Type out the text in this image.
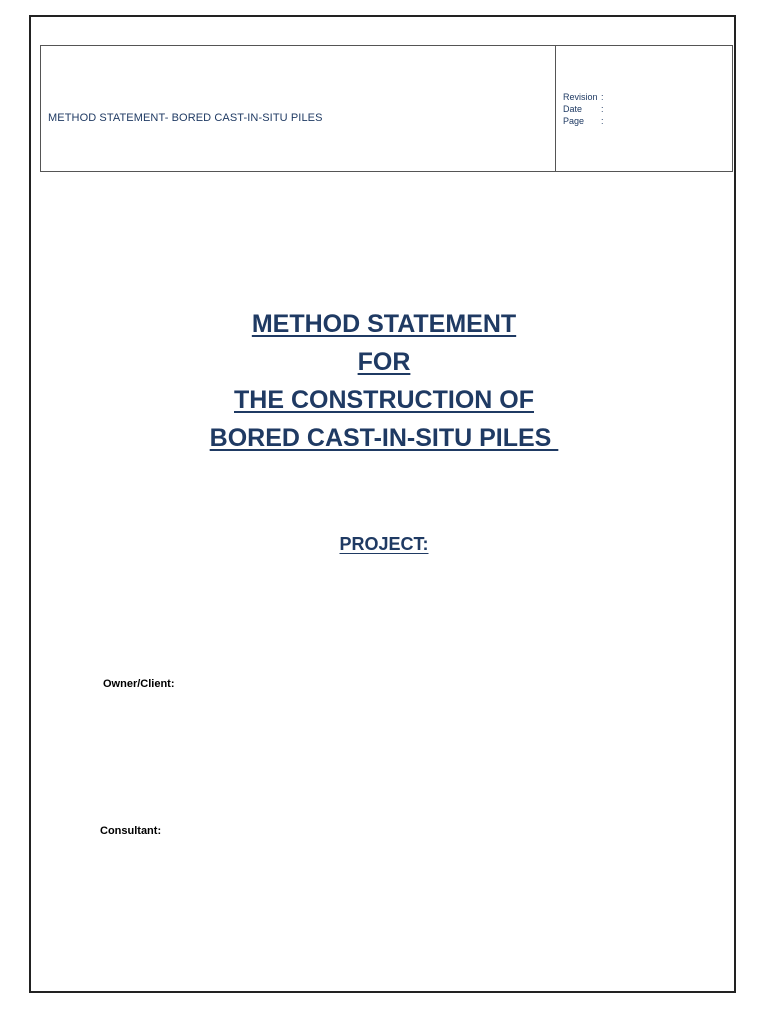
METHOD STATEMENT- BORED CAST-IN-SITU PILES
Revision :
Date	:
Page	:
METHOD STATEMENT
FOR
THE CONSTRUCTION OF
BORED CAST-IN-SITU PILES
PROJECT:
Owner/Client:
Consultant:
